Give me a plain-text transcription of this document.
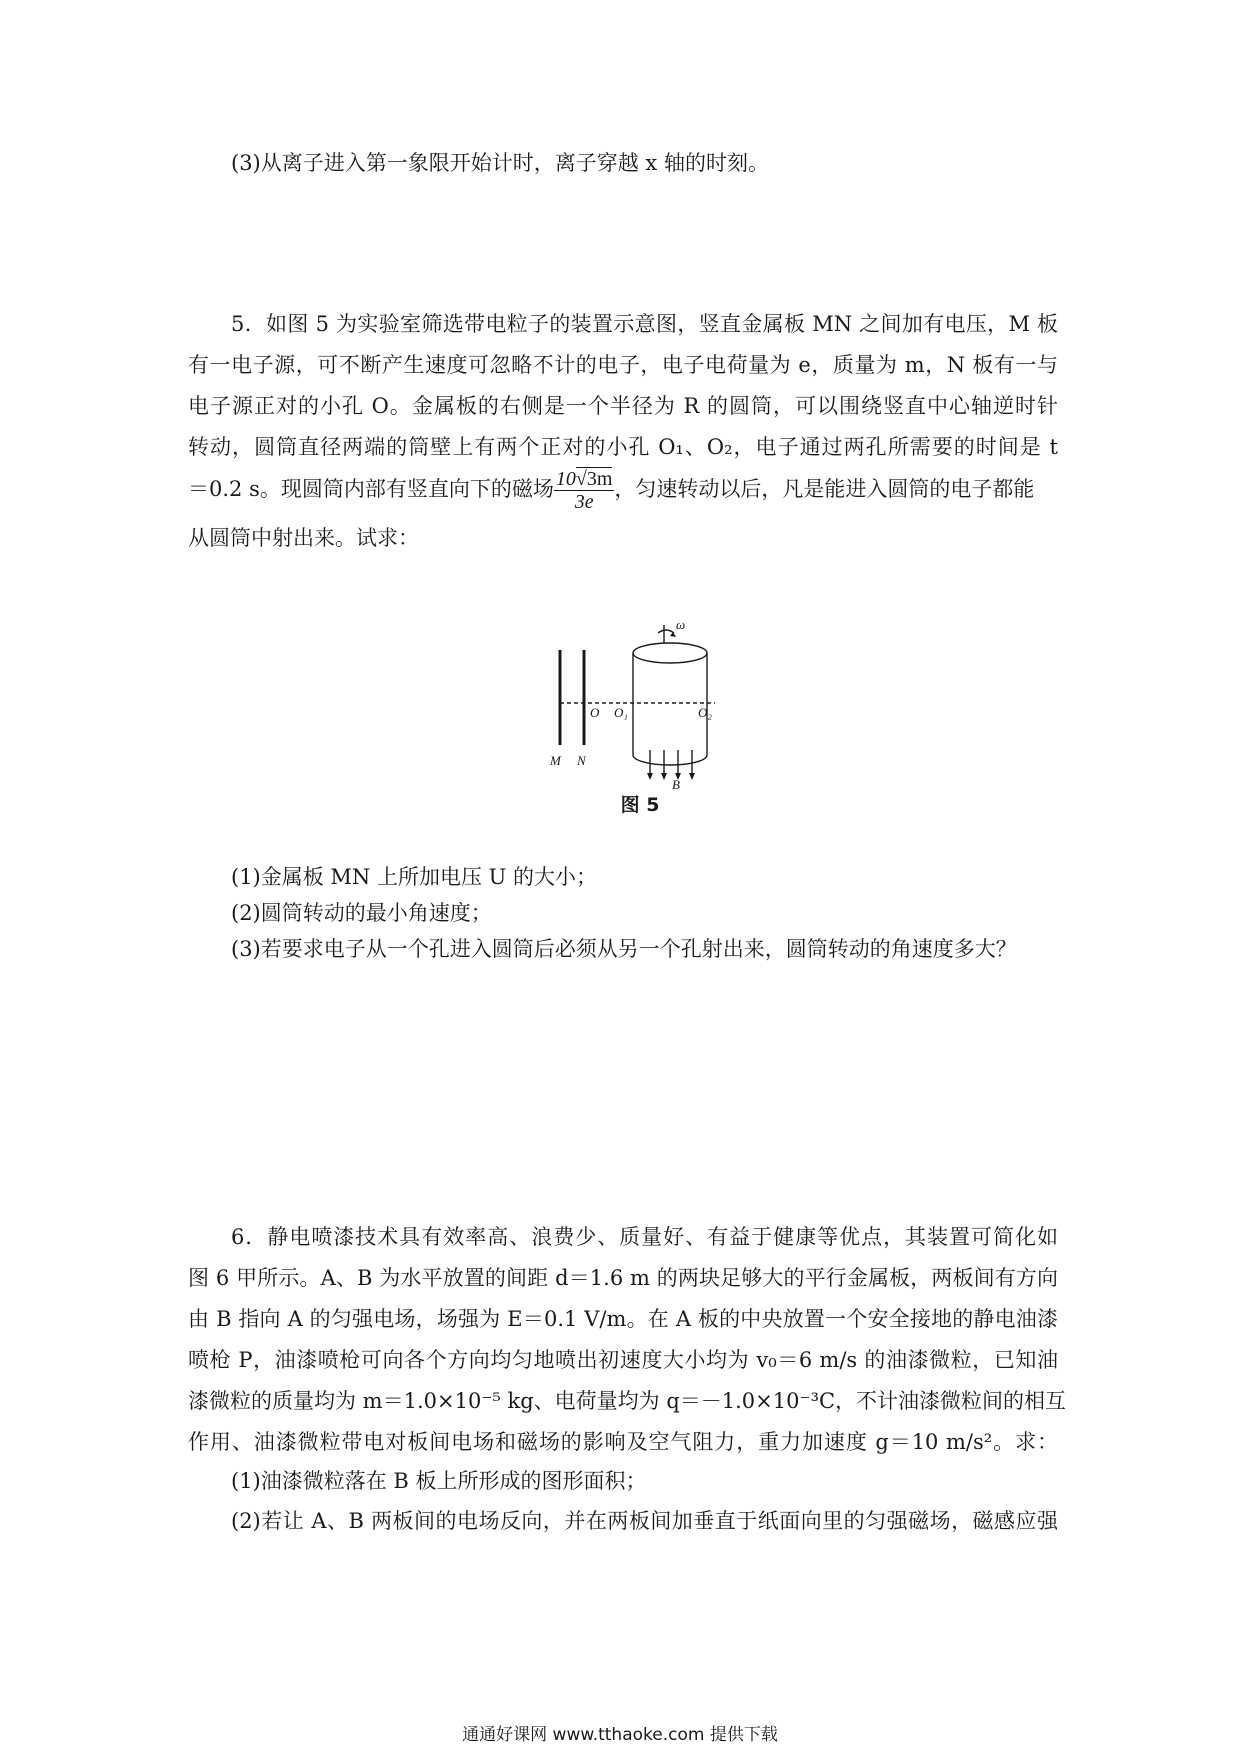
(3)从离子进入第一象限开始计时，离子穿越 x 轴的时刻。
5．如图 5 为实验室筛选带电粒子的装置示意图，竖直金属板 MN 之间加有电压，M 板
有一电子源，可不断产生速度可忽略不计的电子，电子电荷量为 e，质量为 m，N 板有一与
电子源正对的小孔 O。金属板的右侧是一个半径为 R 的圆筒，可以围绕竖直中心轴逆时针
转动，圆筒直径两端的筒壁上有两个正对的小孔 O₁、O₂，电子通过两孔所需要的时间是 t
＝0.2 s。现圆筒内部有竖直向下的磁场 $\frac{10√3m}{3e}$ ，匀速转动以后，凡是能进入圆筒的电子都能
从圆筒中射出来。试求：
M N
O O₁	O₂
ω
B
图 5
(1)金属板 MN 上所加电压 U 的大小；
(2)圆筒转动的最小角速度；
(3)若要求电子从一个孔进入圆筒后必须从另一个孔射出来，圆筒转动的角速度多大？
6．静电喷漆技术具有效率高、浪费少、质量好、有益于健康等优点，其装置可简化如
图 6 甲所示。A、B 为水平放置的间距 d＝1.6 m 的两块足够大的平行金属板，两板间有方向
由 B 指向 A 的匀强电场，场强为 E＝0.1 V/m。在 A 板的中央放置一个安全接地的静电油漆
喷枪 P，油漆喷枪可向各个方向均匀地喷出初速度大小均为 v₀＝6 m/s 的油漆微粒，已知油
漆微粒的质量均为 m＝1.0×10⁻⁵ kg、电荷量均为 q＝－1.0×10⁻³C，不计油漆微粒间的相互
作用、油漆微粒带电对板间电场和磁场的影响及空气阻力，重力加速度 g＝10 m/s²。求：
(1)油漆微粒落在 B 板上所形成的图形面积；
(2)若让 A、B 两板间的电场反向，并在两板间加垂直于纸面向里的匀强磁场，磁感应强
通通好课网 www.tthaoke.com 提供下载
